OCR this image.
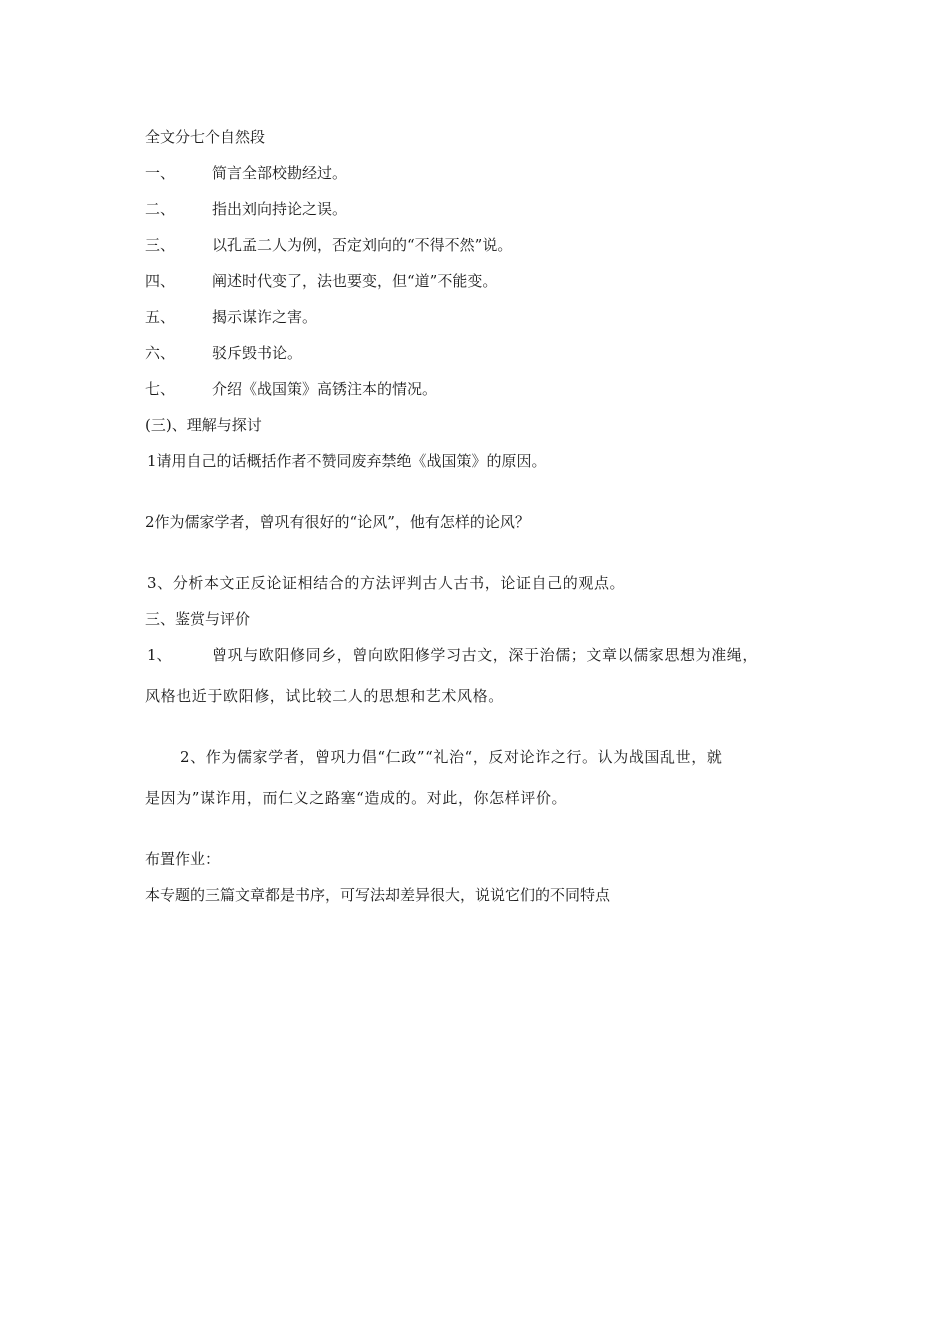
全文分七个自然段
一、 简言全部校勘经过。
二、 指出刘向持论之误。
三、 以孔孟二人为例，否定刘向的“不得不然”说。
四、 阐述时代变了，法也要变，但“道”不能变。
五、 揭示谋诈之害。
六、 驳斥毁书论。
七、 介绍《战国策》高锈注本的情况。
(三)、理解与探讨
1请用自己的话概括作者不赞同废弃禁绝《战国策》的原因。
2作为儒家学者，曾巩有很好的“论风”，他有怎样的论风？
3、分析本文正反论证相结合的方法评判古人古书，论证自己的观点。
三、鉴赏与评价
1、	曾巩与欧阳修同乡，曾向欧阳修学习古文，深于治儒；文章以儒家思想为准绳，
风格也近于欧阳修，试比较二人的思想和艺术风格。
2、作为儒家学者，曾巩力倡“仁政”“礼治“，反对论诈之行。认为战国乱世，就
是因为”谋诈用，而仁义之路塞“造成的。对此，你怎样评价。
布置作业：
本专题的三篇文章都是书序，可写法却差异很大，说说它们的不同特点
